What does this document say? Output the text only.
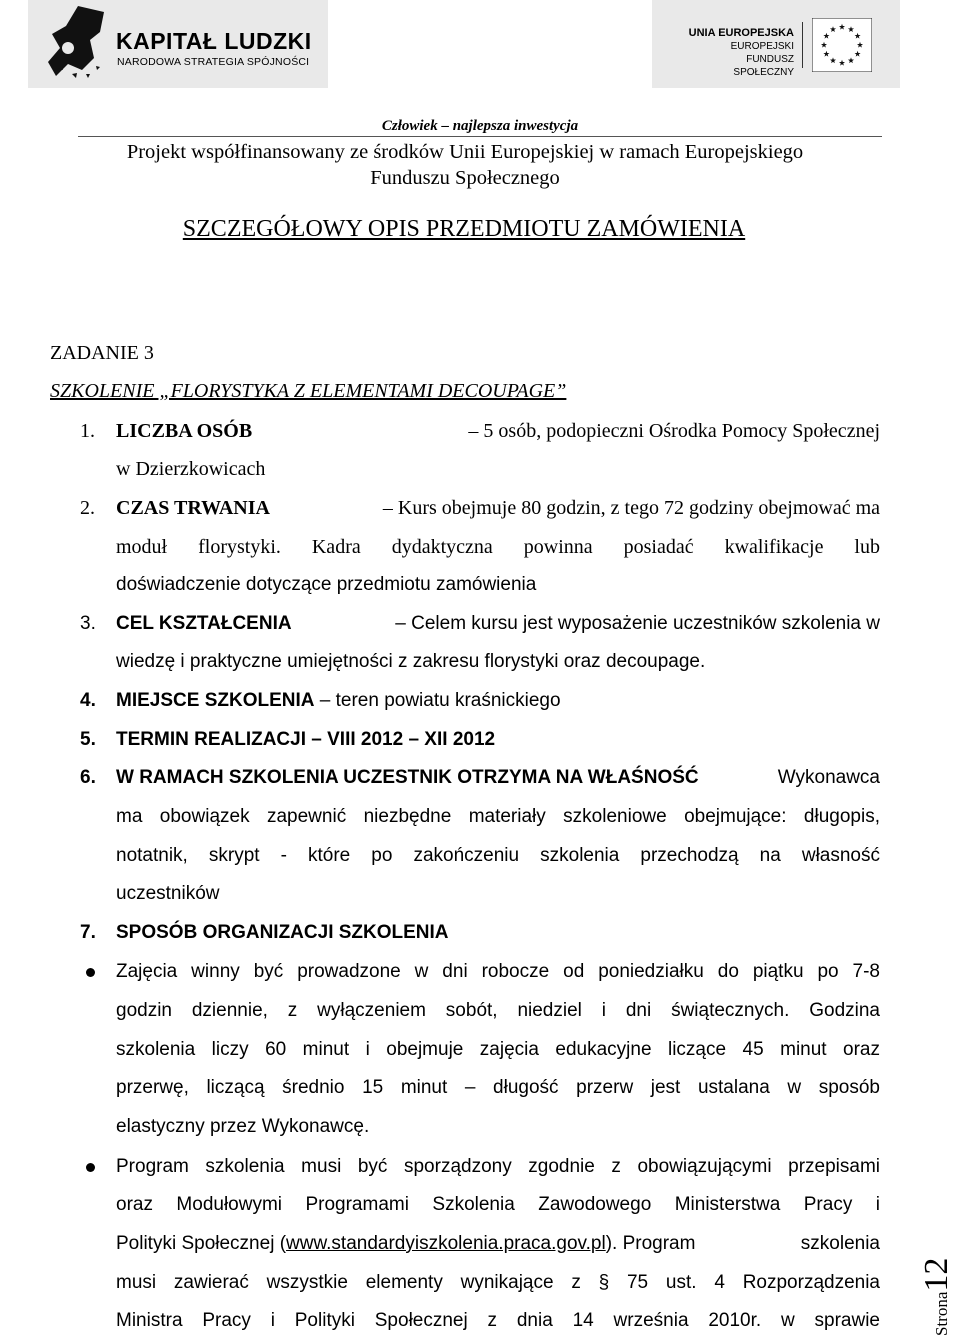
KAPITAŁ LUDZKI
NARODOWA STRATEGIA SPÓJNOŚCI
UNIA EUROPEJSKA
EUROPEJSKI
FUNDUSZ SPOŁECZNY
Człowiek – najlepsza inwestycja
Projekt współfinansowany ze środków Unii Europejskiej w ramach Europejskiego
Funduszu Społecznego
SZCZEGÓŁOWY OPIS PRZEDMIOTU ZAMÓWIENIA
ZADANIE 3
SZKOLENIE „FLORYSTYKA Z ELEMENTAMI DECOUPAGE”
1. LICZBA OSÓB	– 5 osób, podopieczni Ośrodka Pomocy Społecznej
w Dzierzkowicach
2. CZAS TRWANIA	– Kurs obejmuje 80 godzin, z tego 72 godziny obejmować ma
moduł florystyki. Kadra dydaktyczna powinna posiadać kwalifikacje lub
doświadczenie dotyczące przedmiotu zamówienia
3. CEL KSZTAŁCENIA	– Celem kursu jest wyposażenie uczestników szkolenia w
wiedzę i praktyczne umiejętności z zakresu florystyki oraz decoupage.
4. MIEJSCE SZKOLENIA – teren powiatu kraśnickiego
5. TERMIN REALIZACJI – VIII 2012 – XII 2012
6. W RAMACH SZKOLENIA UCZESTNIK OTRZYMA NA WŁAŚNOŚĆ	Wykonawca
ma obowiązek zapewnić niezbędne materiały szkoleniowe obejmujące: długopis,
notatnik, skrypt - które po zakończeniu szkolenia przechodzą na własność
uczestników
7. SPOSÓB ORGANIZACJI SZKOLENIA
Zajęcia winny być prowadzone w dni robocze od poniedziałku do piątku po 7-8
godzin dziennie, z wyłączeniem sobót, niedziel i dni świątecznych. Godzina
szkolenia liczy 60 minut i obejmuje zajęcia edukacyjne liczące 45 minut oraz
przerwę, liczącą średnio 15 minut – długość przerw jest ustalana w sposób
elastyczny przez Wykonawcę.
Program szkolenia musi być sporządzony zgodnie z obowiązującymi przepisami
oraz Modułowymi Programami Szkolenia Zawodowego Ministerstwa Pracy i
Polityki Społecznej (www.standardyiszkolenia.praca.gov.pl). Program	szkolenia
musi zawierać wszystkie elementy wynikające z § 75 ust. 4 Rozporządzenia
Ministra Pracy i Polityki Społecznej z dnia 14 września 2010r. w sprawie	Strona12
